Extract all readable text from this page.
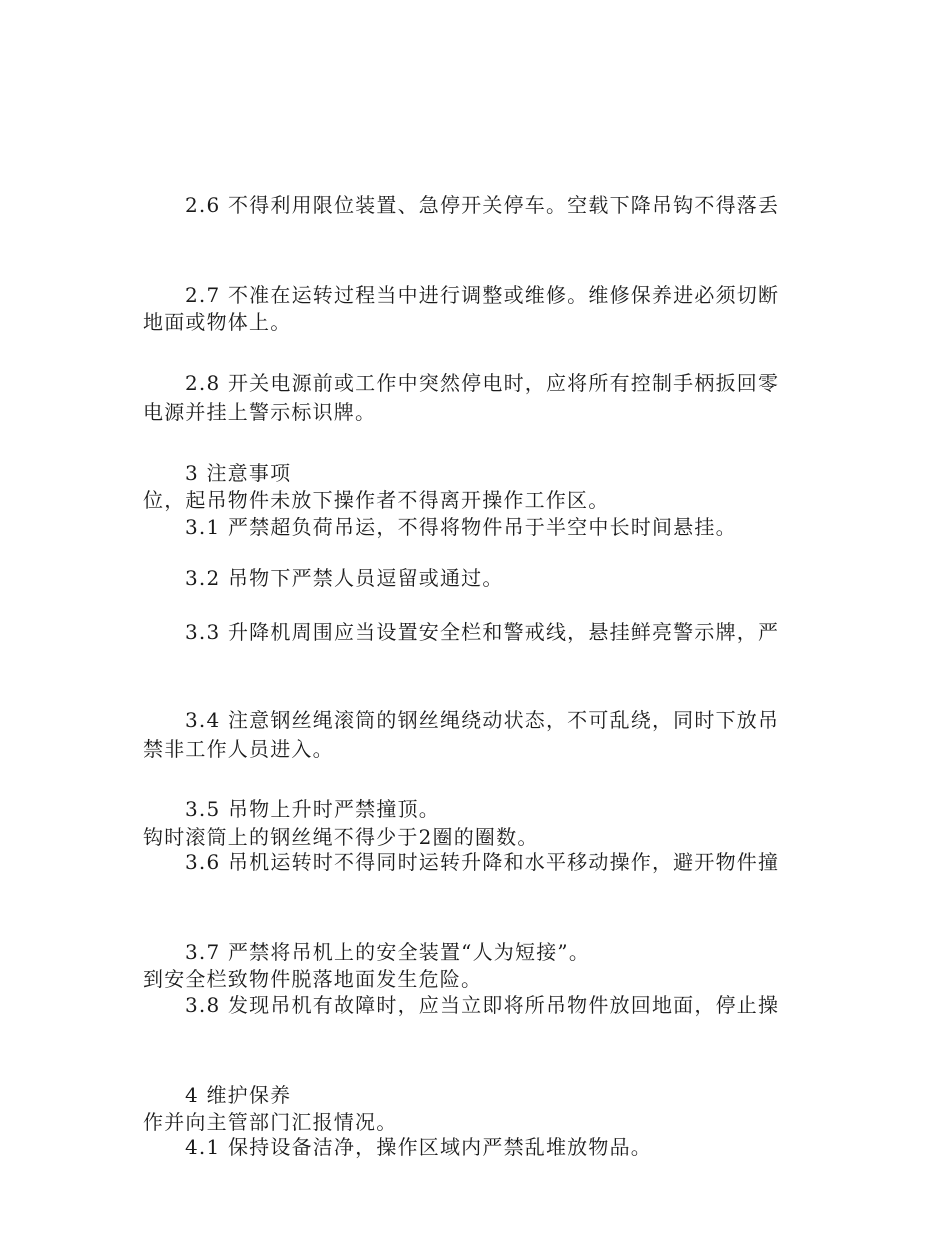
2.6 不得利用限位装置、急停开关停车。空载下降吊钩不得落丢

地面或物体上。

2.7 不准在运转过程当中进行调整或维修。维修保养进必须切断

电源并挂上警示标识牌。

2.8 开关电源前或工作中突然停电时，应将所有控制手柄扳回零

位，起吊物件未放下操作者不得离开操作工作区。

3 注意事项

3.1 严禁超负荷吊运，不得将物件吊于半空中长时间悬挂。

3.2 吊物下严禁人员逗留或通过。

3.3 升降机周围应当设置安全栏和警戒线，悬挂鲜亮警示牌，严

禁非工作人员进入。

3.4 注意钢丝绳滚筒的钢丝绳绕动状态，不可乱绕，同时下放吊

钩时滚筒上的钢丝绳不得少于2圈的圈数。

3.5 吊物上升时严禁撞顶。

3.6 吊机运转时不得同时运转升降和水平移动操作，避开物件撞

到安全栏致物件脱落地面发生危险。

3.7 严禁将吊机上的安全装置“人为短接”。

3.8 发现吊机有故障时，应当立即将所吊物件放回地面，停止操

作并向主管部门汇报情况。

4 维护保养

4.1 保持设备洁净，操作区域内严禁乱堆放物品。
